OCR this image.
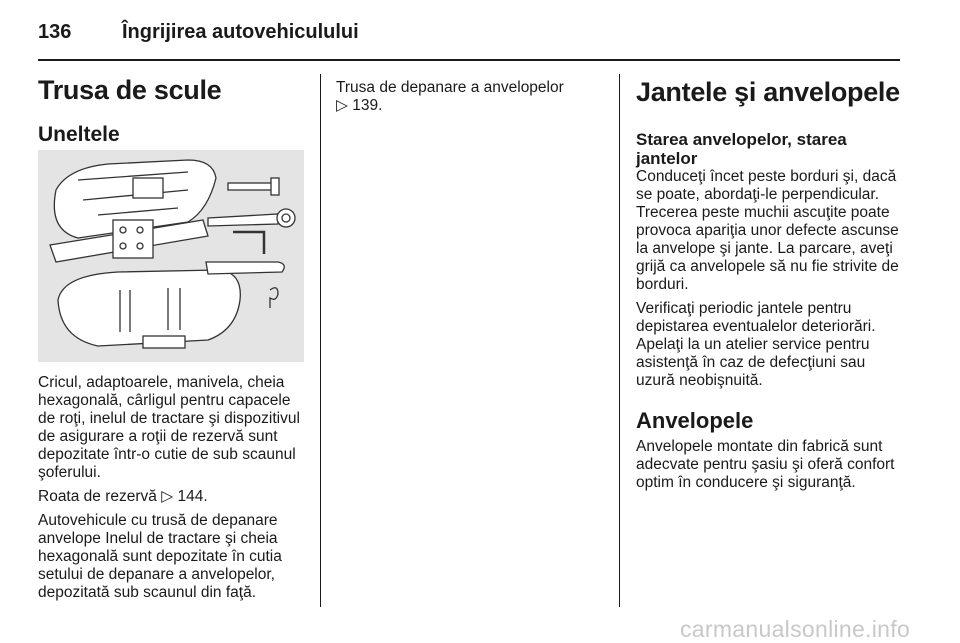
136	Îngrijirea autovehiculului
Trusa de scule
Uneltele

Cricul, adaptoarele, manivela, cheia hexagonală, cârligul pentru capacele de roţi, inelul de tractare şi dispozitivul de asigurare a roţii de rezervă sunt depozitate într-o cutie de sub scaunul şoferului.

Roata de rezervă ▷ 144.

Autovehicule cu trusă de depanare anvelope Inelul de tractare şi cheia hexagonală sunt depozitate în cutia setului de depanare a anvelopelor, depozitată sub scaunul din faţă.

Trusa de depanare a anvelopelor
▷ 139.	Jantele şi anvelopele
Starea anvelopelor, starea jantelor

Conduceţi încet peste borduri şi, dacă se poate, abordaţi-le perpendicular. Trecerea peste muchii ascuţite poate provoca apariţia unor defecte ascunse la anvelope şi jante. La parcare, aveţi grijă ca anvelopele să nu fie strivite de borduri.

Verificaţi periodic jantele pentru depistarea eventualelor deteriorări. Apelaţi la un atelier service pentru asistenţă în caz de defecţiuni sau uzură neobişnuită.

Anvelopele

Anvelopele montate din fabrică sunt adecvate pentru şasiu şi oferă confort optim în conducere şi siguranţă.

carmanualsonline.info
